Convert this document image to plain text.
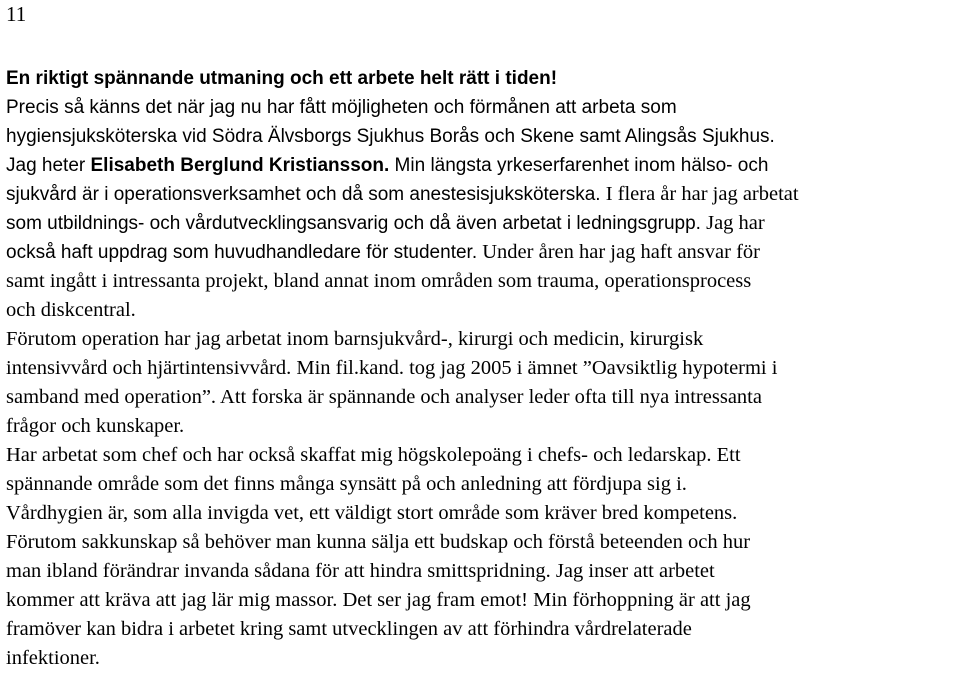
11
En riktigt spännande utmaning och ett arbete helt rätt i tiden!
Precis så känns det när jag nu har fått möjligheten och förmånen att arbeta som
hygiensjuksköterska vid Södra Älvsborgs Sjukhus Borås och Skene samt Alingsås Sjukhus.
Jag heter Elisabeth Berglund Kristiansson. Min längsta yrkeserfarenhet inom hälso- och
sjukvård är i operationsverksamhet och då som anestesisjuksköterska. I flera år har jag arbetat
som utbildnings- och vårdutvecklingsansvarig och då även arbetat i ledningsgrupp. Jag har
också haft uppdrag som huvudhandledare för studenter. Under åren har jag haft ansvar för
samt ingått i intressanta projekt, bland annat inom områden som trauma, operationsprocess
och diskcentral.
Förutom operation har jag arbetat inom barnsjukvård-, kirurgi och medicin, kirurgisk
intensivvård och hjärtintensivvård. Min fil.kand. tog jag 2005 i ämnet ”Oavsiktlig hypotermi i
samband med operation”. Att forska är spännande och analyser leder ofta till nya intressanta
frågor och kunskaper.
Har arbetat som chef och har också skaffat mig högskolepoäng i chefs- och ledarskap. Ett
spännande område som det finns många synsätt på och anledning att fördjupa sig i.
Vårdhygien är, som alla invigda vet, ett väldigt stort område som kräver bred kompetens.
Förutom sakkunskap så behöver man kunna sälja ett budskap och förstå beteenden och hur
man ibland förändrar invanda sådana för att hindra smittspridning. Jag inser att arbetet
kommer att kräva att jag lär mig massor. Det ser jag fram emot! Min förhoppning är att jag
framöver kan bidra i arbetet kring samt utvecklingen av att förhindra vårdrelaterade
infektioner.
